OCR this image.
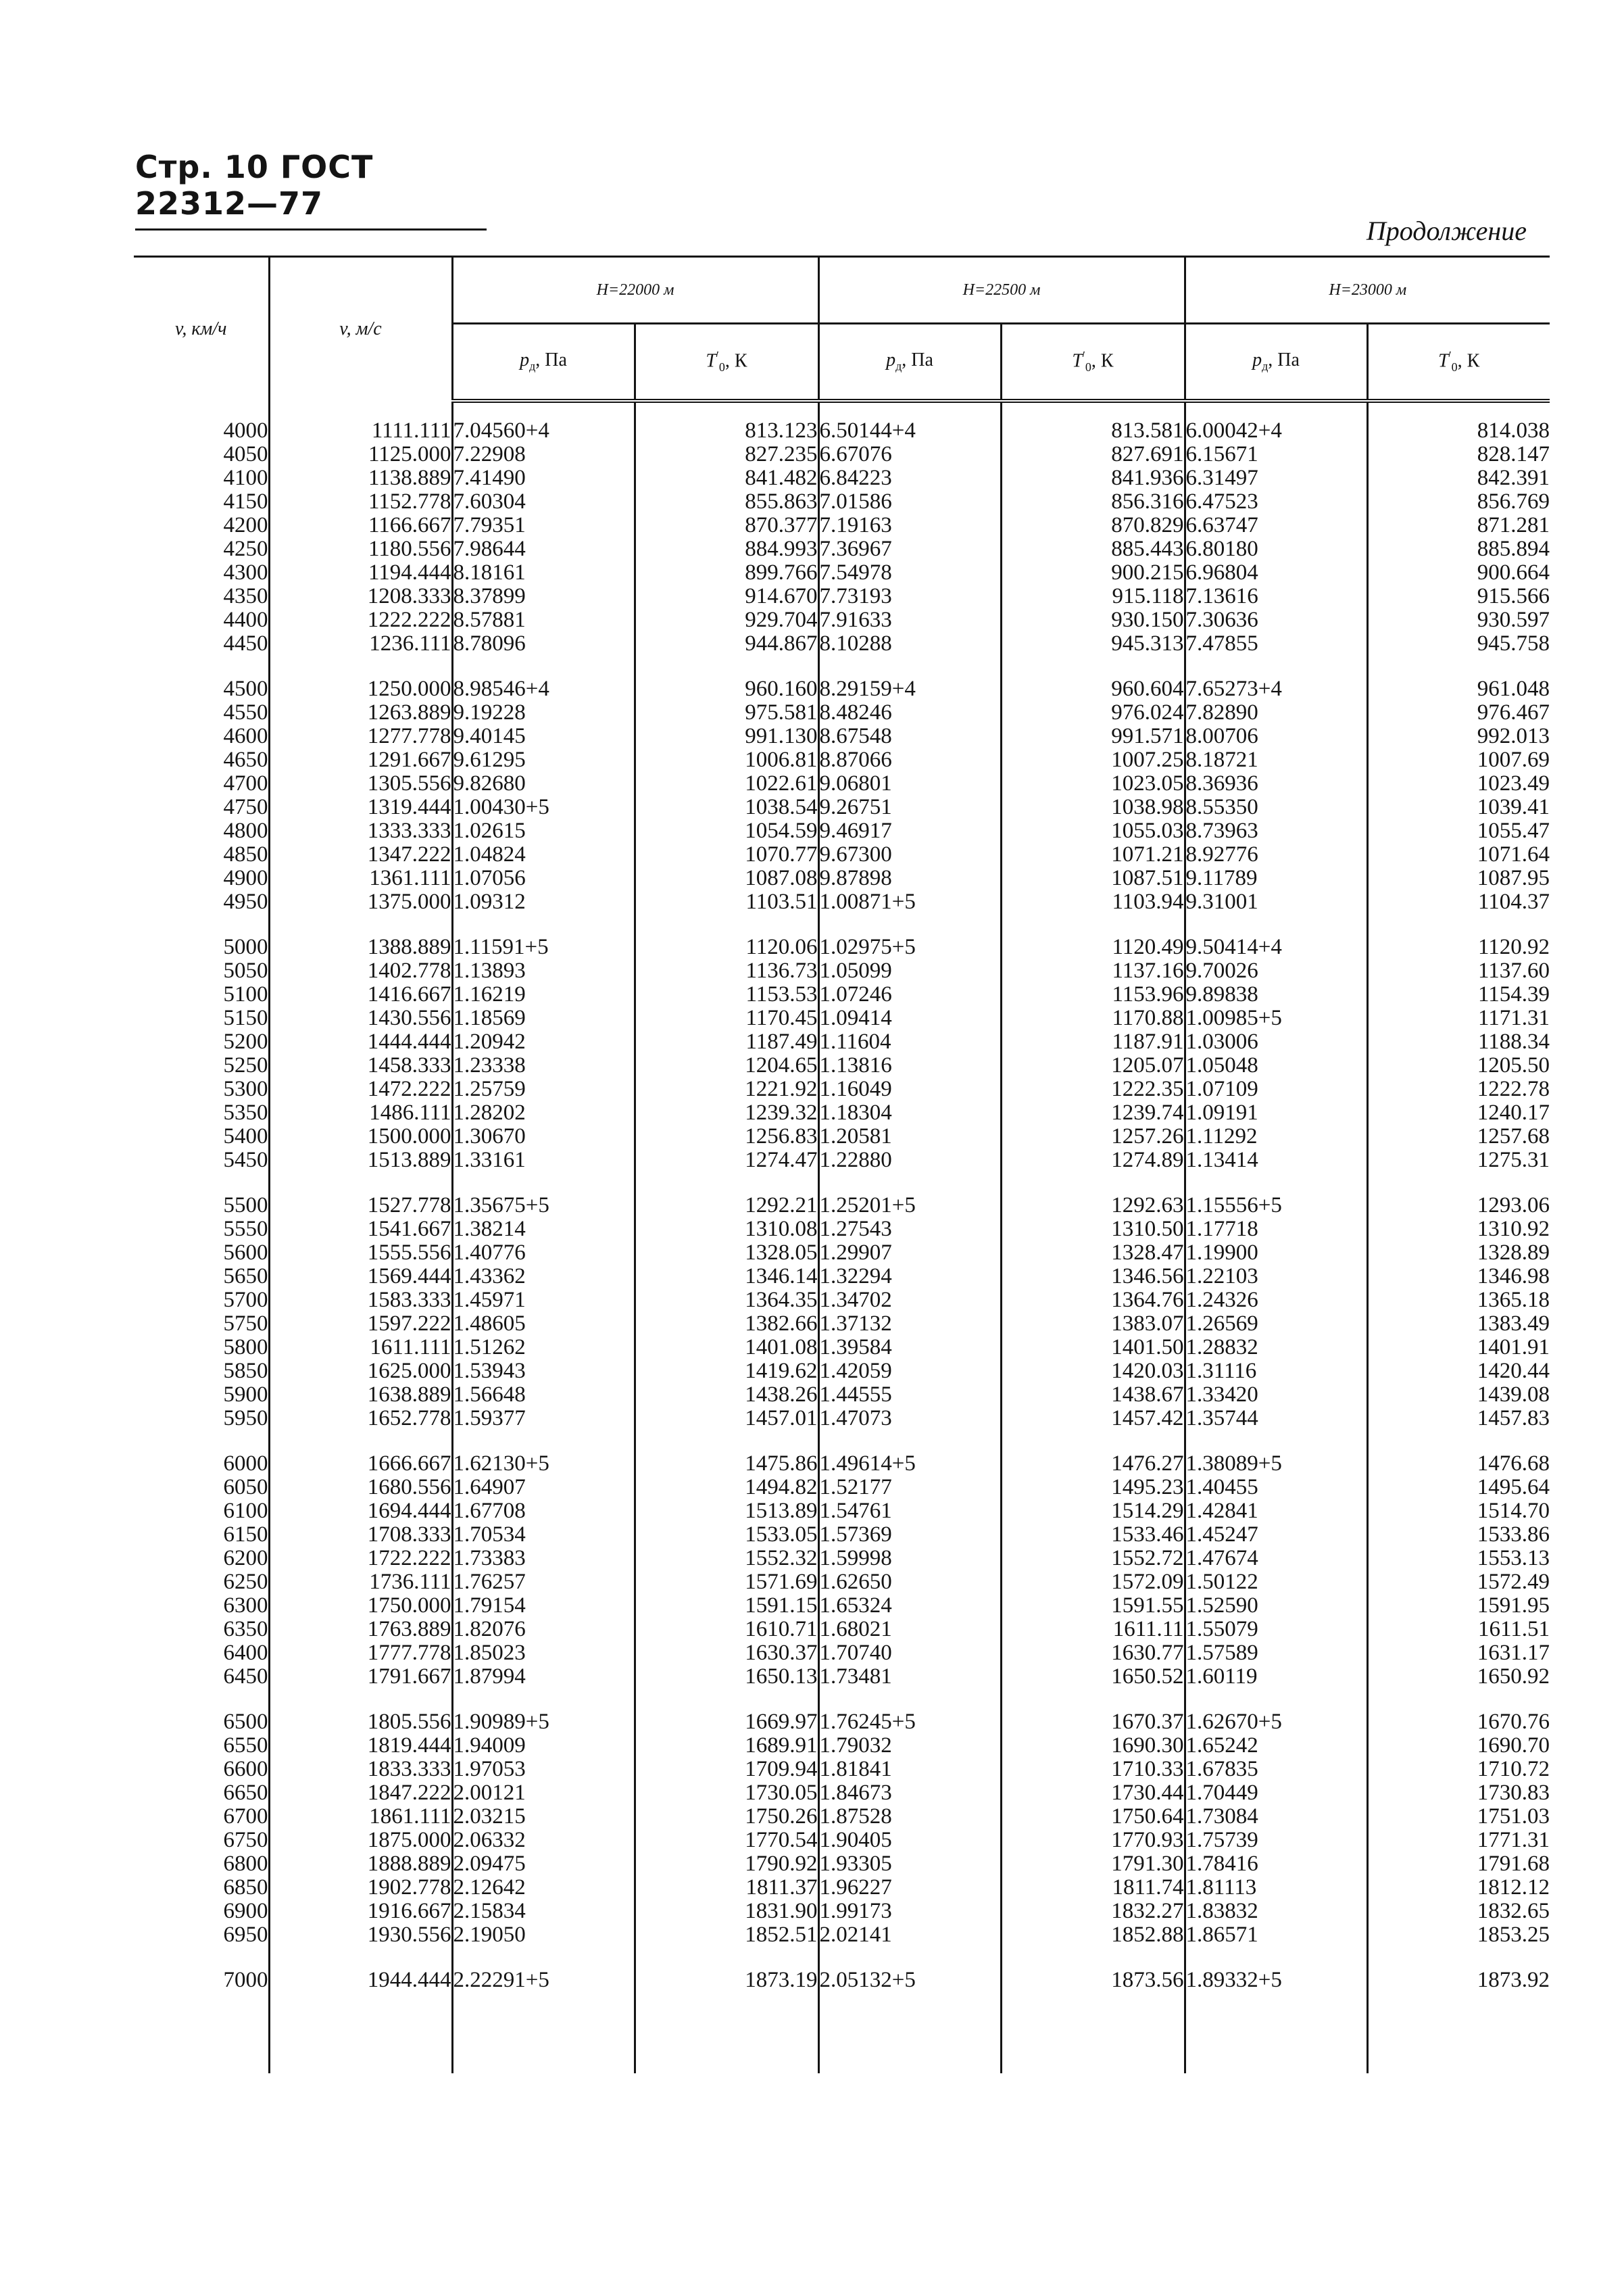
Стр. 10 ГОСТ 22312—77
Продолжение
v, км/ч	v, м/с	H=22000 м		H=22500 м		H=23000 м	
		$p_д$, Па	$T'_0$, К	$p_д$, Па	$T'_0$, К	$p_д$, Па	$T'_0$, К

4000	1111.111	7.04560+4	813.123	6.50144+4	813.581	6.00042+4	814.038
4050	1125.000	7.22908	827.235	6.67076	827.691	6.15671	828.147
4100	1138.889	7.41490	841.482	6.84223	841.936	6.31497	842.391
4150	1152.778	7.60304	855.863	7.01586	856.316	6.47523	856.769
4200	1166.667	7.79351	870.377	7.19163	870.829	6.63747	871.281
4250	1180.556	7.98644	884.993	7.36967	885.443	6.80180	885.894
4300	1194.444	8.18161	899.766	7.54978	900.215	6.96804	900.664
4350	1208.333	8.37899	914.670	7.73193	915.118	7.13616	915.566
4400	1222.222	8.57881	929.704	7.91633	930.150	7.30636	930.597
4450	1236.111	8.78096	944.867	8.10288	945.313	7.47855	945.758

4500	1250.000	8.98546+4	960.160	8.29159+4	960.604	7.65273+4	961.048
4550	1263.889	9.19228	975.581	8.48246	976.024	7.82890	976.467
4600	1277.778	9.40145	991.130	8.67548	991.571	8.00706	992.013
4650	1291.667	9.61295	1006.81	8.87066	1007.25	8.18721	1007.69
4700	1305.556	9.82680	1022.61	9.06801	1023.05	8.36936	1023.49
4750	1319.444	1.00430+5	1038.54	9.26751	1038.98	8.55350	1039.41
4800	1333.333	1.02615	1054.59	9.46917	1055.03	8.73963	1055.47
4850	1347.222	1.04824	1070.77	9.67300	1071.21	8.92776	1071.64
4900	1361.111	1.07056	1087.08	9.87898	1087.51	9.11789	1087.95
4950	1375.000	1.09312	1103.51	1.00871+5	1103.94	9.31001	1104.37

5000	1388.889	1.11591+5	1120.06	1.02975+5	1120.49	9.50414+4	1120.92
5050	1402.778	1.13893	1136.73	1.05099	1137.16	9.70026	1137.60
5100	1416.667	1.16219	1153.53	1.07246	1153.96	9.89838	1154.39
5150	1430.556	1.18569	1170.45	1.09414	1170.88	1.00985+5	1171.31
5200	1444.444	1.20942	1187.49	1.11604	1187.91	1.03006	1188.34
5250	1458.333	1.23338	1204.65	1.13816	1205.07	1.05048	1205.50
5300	1472.222	1.25759	1221.92	1.16049	1222.35	1.07109	1222.78
5350	1486.111	1.28202	1239.32	1.18304	1239.74	1.09191	1240.17
5400	1500.000	1.30670	1256.83	1.20581	1257.26	1.11292	1257.68
5450	1513.889	1.33161	1274.47	1.22880	1274.89	1.13414	1275.31

5500	1527.778	1.35675+5	1292.21	1.25201+5	1292.63	1.15556+5	1293.06
5550	1541.667	1.38214	1310.08	1.27543	1310.50	1.17718	1310.92
5600	1555.556	1.40776	1328.05	1.29907	1328.47	1.19900	1328.89
5650	1569.444	1.43362	1346.14	1.32294	1346.56	1.22103	1346.98
5700	1583.333	1.45971	1364.35	1.34702	1364.76	1.24326	1365.18
5750	1597.222	1.48605	1382.66	1.37132	1383.07	1.26569	1383.49
5800	1611.111	1.51262	1401.08	1.39584	1401.50	1.28832	1401.91
5850	1625.000	1.53943	1419.62	1.42059	1420.03	1.31116	1420.44
5900	1638.889	1.56648	1438.26	1.44555	1438.67	1.33420	1439.08
5950	1652.778	1.59377	1457.01	1.47073	1457.42	1.35744	1457.83

6000	1666.667	1.62130+5	1475.86	1.49614+5	1476.27	1.38089+5	1476.68
6050	1680.556	1.64907	1494.82	1.52177	1495.23	1.40455	1495.64
6100	1694.444	1.67708	1513.89	1.54761	1514.29	1.42841	1514.70
6150	1708.333	1.70534	1533.05	1.57369	1533.46	1.45247	1533.86
6200	1722.222	1.73383	1552.32	1.59998	1552.72	1.47674	1553.13
6250	1736.111	1.76257	1571.69	1.62650	1572.09	1.50122	1572.49
6300	1750.000	1.79154	1591.15	1.65324	1591.55	1.52590	1591.95
6350	1763.889	1.82076	1610.71	1.68021	1611.11	1.55079	1611.51
6400	1777.778	1.85023	1630.37	1.70740	1630.77	1.57589	1631.17
6450	1791.667	1.87994	1650.13	1.73481	1650.52	1.60119	1650.92

6500	1805.556	1.90989+5	1669.97	1.76245+5	1670.37	1.62670+5	1670.76
6550	1819.444	1.94009	1689.91	1.79032	1690.30	1.65242	1690.70
6600	1833.333	1.97053	1709.94	1.81841	1710.33	1.67835	1710.72
6650	1847.222	2.00121	1730.05	1.84673	1730.44	1.70449	1730.83
6700	1861.111	2.03215	1750.26	1.87528	1750.64	1.73084	1751.03
6750	1875.000	2.06332	1770.54	1.90405	1770.93	1.75739	1771.31
6800	1888.889	2.09475	1790.92	1.93305	1791.30	1.78416	1791.68
6850	1902.778	2.12642	1811.37	1.96227	1811.74	1.81113	1812.12
6900	1916.667	2.15834	1831.90	1.99173	1832.27	1.83832	1832.65
6950	1930.556	2.19050	1852.51	2.02141	1852.88	1.86571	1853.25

7000	1944.444	2.22291+5	1873.19	2.05132+5	1873.56	1.89332+5	1873.92
